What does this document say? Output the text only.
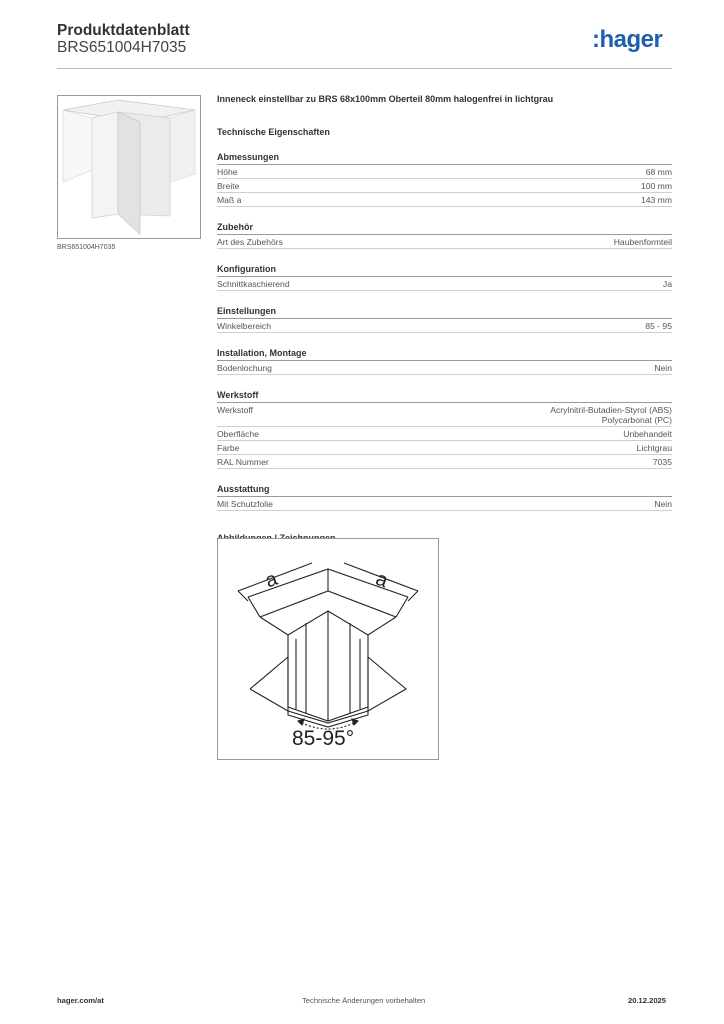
Produktdatenblatt
BRS651004H7035	:hager
BRS651004H7035
Inneneck einstellbar zu BRS 68x100mm Oberteil 80mm halogenfrei in lichtgrau
Technische Eigenschaften
Abmessungen
Höhe	68 mm
Breite	100 mm
Maß a	143 mm
Zubehör
Art des Zubehörs	Haubenformteil
Konfiguration
Schnittkaschierend	Ja
Einstellungen
Winkelbereich	85 - 95
Installation, Montage
Bodenlochung	Nein
Werkstoff
Werkstoff	Acrylnitril-Butadien-Styrol (ABS)
Polycarbonat (PC)
Oberfläche	Unbehandelt
Farbe	Lichtgrau
RAL Nummer	7035
Ausstattung
Mit Schutzfolie	Nein
a	a
85-95°
hager.com/at	Technische Änderungen vorbehalten	20.12.2025
